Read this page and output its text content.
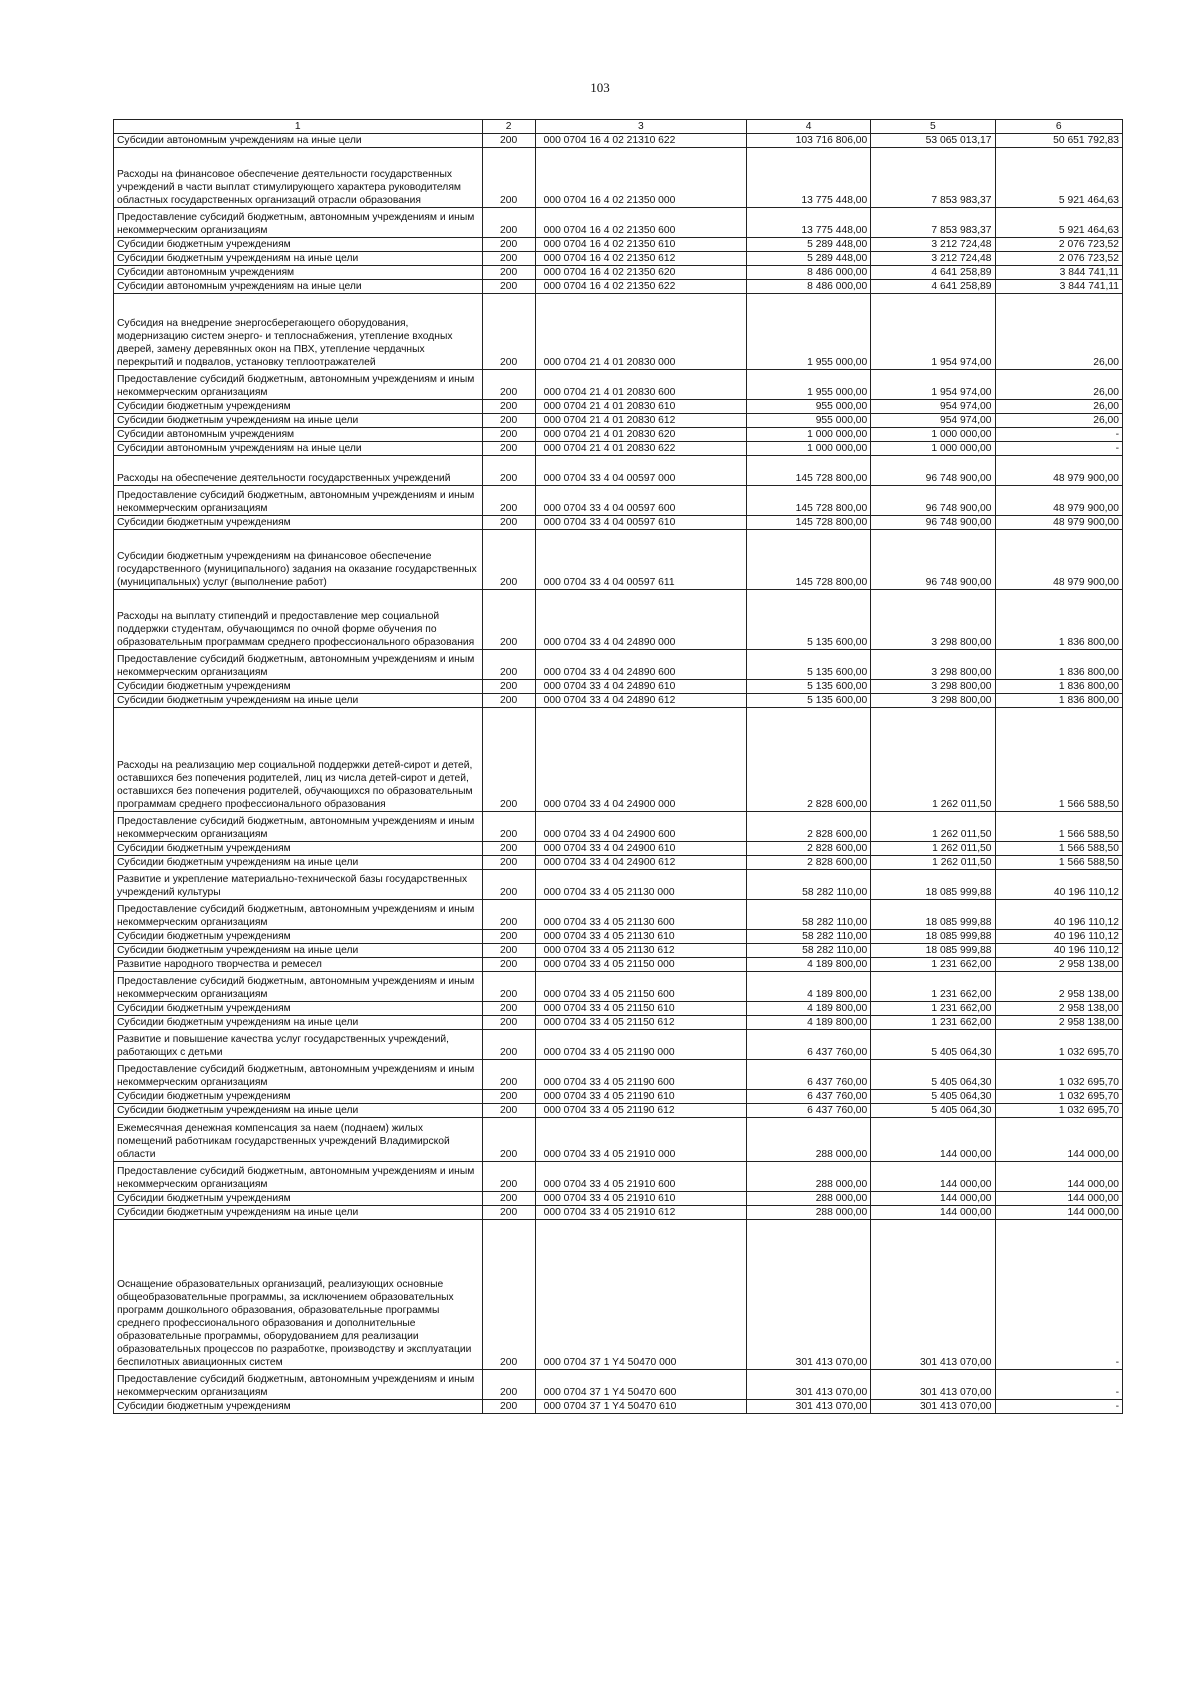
103
1	2	3	4	5	6
Субсидии автономным учреждениям на иные цели	200	000 0704 16 4 02 21310 622	103 716 806,00	53 065 013,17	50 651 792,83
Расходы на финансовое обеспечение деятельности государственных учреждений в части выплат стимулирующего характера руководителям областных государственных организаций отрасли образования	200	000 0704 16 4 02 21350 000	13 775 448,00	7 853 983,37	5 921 464,63
Предоставление субсидий бюджетным, автономным учреждениям и иным некоммерческим организациям	200	000 0704 16 4 02 21350 600	13 775 448,00	7 853 983,37	5 921 464,63
Субсидии бюджетным учреждениям	200	000 0704 16 4 02 21350 610	5 289 448,00	3 212 724,48	2 076 723,52
Субсидии бюджетным учреждениям на иные цели	200	000 0704 16 4 02 21350 612	5 289 448,00	3 212 724,48	2 076 723,52
Субсидии автономным учреждениям	200	000 0704 16 4 02 21350 620	8 486 000,00	4 641 258,89	3 844 741,11
Субсидии автономным учреждениям на иные цели	200	000 0704 16 4 02 21350 622	8 486 000,00	4 641 258,89	3 844 741,11
Субсидия на внедрение энергосберегающего оборудования, модернизацию систем энерго- и теплоснабжения, утепление входных дверей, замену деревянных окон на ПВХ, утепление чердачных перекрытий и подвалов, установку теплоотражателей	200	000 0704 21 4 01 20830 000	1 955 000,00	1 954 974,00	26,00
Предоставление субсидий бюджетным, автономным учреждениям и иным некоммерческим организациям	200	000 0704 21 4 01 20830 600	1 955 000,00	1 954 974,00	26,00
Субсидии бюджетным учреждениям	200	000 0704 21 4 01 20830 610	955 000,00	954 974,00	26,00
Субсидии бюджетным учреждениям на иные цели	200	000 0704 21 4 01 20830 612	955 000,00	954 974,00	26,00
Субсидии автономным учреждениям	200	000 0704 21 4 01 20830 620	1 000 000,00	1 000 000,00	-
Субсидии автономным учреждениям на иные цели	200	000 0704 21 4 01 20830 622	1 000 000,00	1 000 000,00	-
Расходы на обеспечение деятельности государственных учреждений	200	000 0704 33 4 04 00597 000	145 728 800,00	96 748 900,00	48 979 900,00
Предоставление субсидий бюджетным, автономным учреждениям и иным некоммерческим организациям	200	000 0704 33 4 04 00597 600	145 728 800,00	96 748 900,00	48 979 900,00
Субсидии бюджетным учреждениям	200	000 0704 33 4 04 00597 610	145 728 800,00	96 748 900,00	48 979 900,00
Субсидии бюджетным учреждениям на финансовое обеспечение государственного (муниципального) задания на оказание государственных (муниципальных) услуг (выполнение работ)	200	000 0704 33 4 04 00597 611	145 728 800,00	96 748 900,00	48 979 900,00
Расходы на выплату стипендий и предоставление мер социальной поддержки студентам, обучающимся по очной форме обучения по образовательным программам среднего профессионального образования	200	000 0704 33 4 04 24890 000	5 135 600,00	3 298 800,00	1 836 800,00
Предоставление субсидий бюджетным, автономным учреждениям и иным некоммерческим организациям	200	000 0704 33 4 04 24890 600	5 135 600,00	3 298 800,00	1 836 800,00
Субсидии бюджетным учреждениям	200	000 0704 33 4 04 24890 610	5 135 600,00	3 298 800,00	1 836 800,00
Субсидии бюджетным учреждениям на иные цели	200	000 0704 33 4 04 24890 612	5 135 600,00	3 298 800,00	1 836 800,00
Расходы на реализацию мер социальной поддержки детей-сирот и детей, оставшихся без попечения родителей, лиц из числа детей-сирот и детей, оставшихся без попечения родителей, обучающихся по образовательным программам среднего профессионального образования	200	000 0704 33 4 04 24900 000	2 828 600,00	1 262 011,50	1 566 588,50
Предоставление субсидий бюджетным, автономным учреждениям и иным некоммерческим организациям	200	000 0704 33 4 04 24900 600	2 828 600,00	1 262 011,50	1 566 588,50
Субсидии бюджетным учреждениям	200	000 0704 33 4 04 24900 610	2 828 600,00	1 262 011,50	1 566 588,50
Субсидии бюджетным учреждениям на иные цели	200	000 0704 33 4 04 24900 612	2 828 600,00	1 262 011,50	1 566 588,50
Развитие и укрепление материально-технической базы государственных учреждений культуры	200	000 0704 33 4 05 21130 000	58 282 110,00	18 085 999,88	40 196 110,12
Предоставление субсидий бюджетным, автономным учреждениям и иным некоммерческим организациям	200	000 0704 33 4 05 21130 600	58 282 110,00	18 085 999,88	40 196 110,12
Субсидии бюджетным учреждениям	200	000 0704 33 4 05 21130 610	58 282 110,00	18 085 999,88	40 196 110,12
Субсидии бюджетным учреждениям на иные цели	200	000 0704 33 4 05 21130 612	58 282 110,00	18 085 999,88	40 196 110,12
Развитие народного творчества и ремесел	200	000 0704 33 4 05 21150 000	4 189 800,00	1 231 662,00	2 958 138,00
Предоставление субсидий бюджетным, автономным учреждениям и иным некоммерческим организациям	200	000 0704 33 4 05 21150 600	4 189 800,00	1 231 662,00	2 958 138,00
Субсидии бюджетным учреждениям	200	000 0704 33 4 05 21150 610	4 189 800,00	1 231 662,00	2 958 138,00
Субсидии бюджетным учреждениям на иные цели	200	000 0704 33 4 05 21150 612	4 189 800,00	1 231 662,00	2 958 138,00
Развитие и повышение качества услуг государственных учреждений, работающих с детьми	200	000 0704 33 4 05 21190 000	6 437 760,00	5 405 064,30	1 032 695,70
Предоставление субсидий бюджетным, автономным учреждениям и иным некоммерческим организациям	200	000 0704 33 4 05 21190 600	6 437 760,00	5 405 064,30	1 032 695,70
Субсидии бюджетным учреждениям	200	000 0704 33 4 05 21190 610	6 437 760,00	5 405 064,30	1 032 695,70
Субсидии бюджетным учреждениям на иные цели	200	000 0704 33 4 05 21190 612	6 437 760,00	5 405 064,30	1 032 695,70
Ежемесячная денежная компенсация за наем (поднаем) жилых помещений работникам государственных учреждений Владимирской области	200	000 0704 33 4 05 21910 000	288 000,00	144 000,00	144 000,00
Предоставление субсидий бюджетным, автономным учреждениям и иным некоммерческим организациям	200	000 0704 33 4 05 21910 600	288 000,00	144 000,00	144 000,00
Субсидии бюджетным учреждениям	200	000 0704 33 4 05 21910 610	288 000,00	144 000,00	144 000,00
Субсидии бюджетным учреждениям на иные цели	200	000 0704 33 4 05 21910 612	288 000,00	144 000,00	144 000,00
Оснащение образовательных организаций, реализующих основные общеобразовательные программы, за исключением образовательных программ дошкольного образования, образовательные программы среднего профессионального образования и дополнительные образовательные программы, оборудованием для реализации образовательных процессов по разработке, производству и эксплуатации беспилотных авиационных систем	200	000 0704 37 1 Y4 50470 000	301 413 070,00	301 413 070,00	-
Предоставление субсидий бюджетным, автономным учреждениям и иным некоммерческим организациям	200	000 0704 37 1 Y4 50470 600	301 413 070,00	301 413 070,00	-
Субсидии бюджетным учреждениям	200	000 0704 37 1 Y4 50470 610	301 413 070,00	301 413 070,00	-
